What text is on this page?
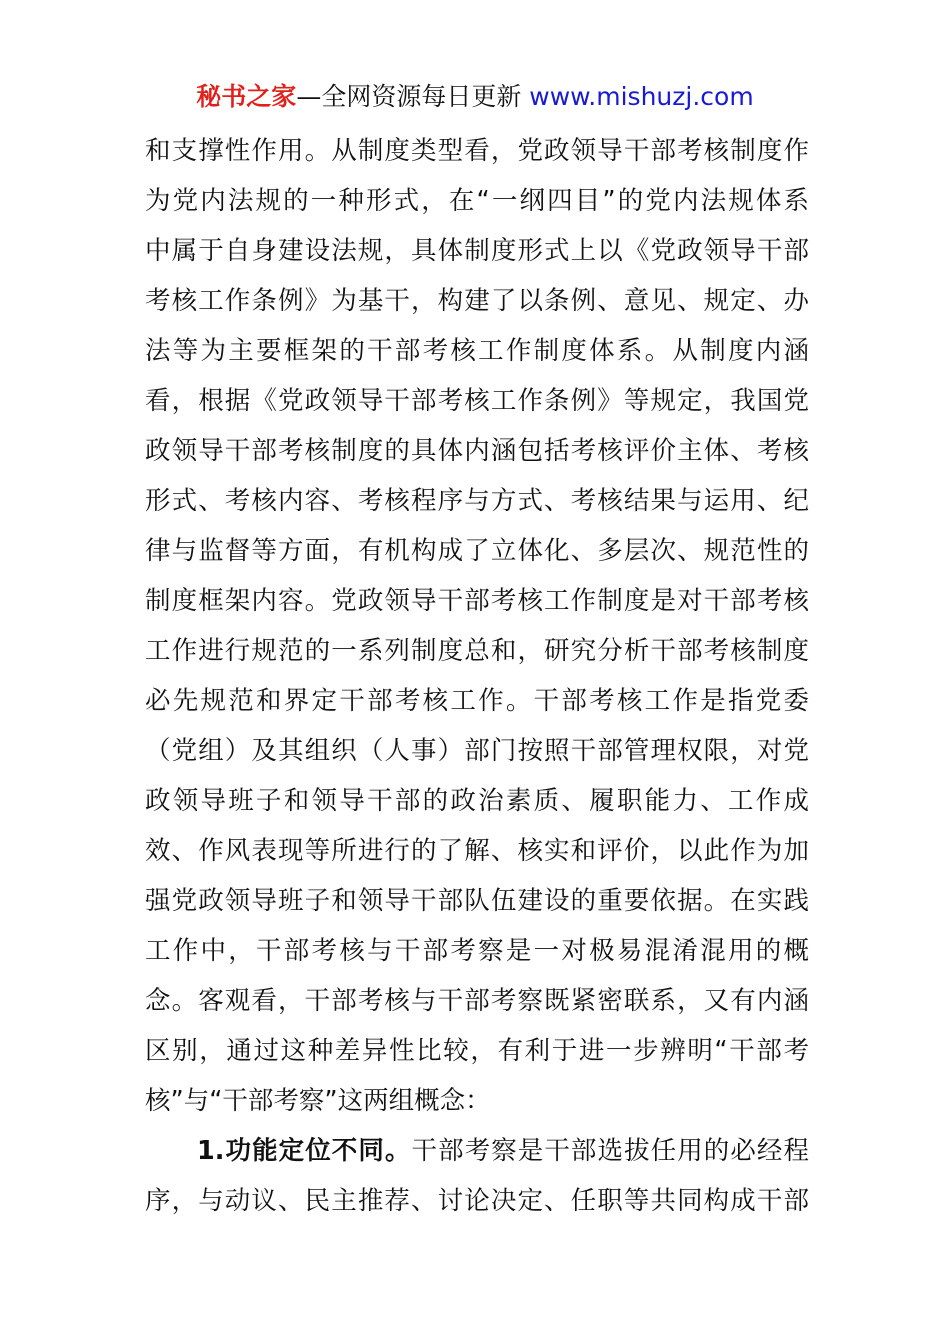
秘书之家—全网资源每日更新 www.mishuzj.com
和支撑性作用。从制度类型看，党政领导干部考核制度作
为党内法规的一种形式，在“一纲四目”的党内法规体系
中属于自身建设法规，具体制度形式上以《党政领导干部
考核工作条例》为基干，构建了以条例、意见、规定、办
法等为主要框架的干部考核工作制度体系。从制度内涵
看，根据《党政领导干部考核工作条例》等规定，我国党
政领导干部考核制度的具体内涵包括考核评价主体、考核
形式、考核内容、考核程序与方式、考核结果与运用、纪
律与监督等方面，有机构成了立体化、多层次、规范性的
制度框架内容。党政领导干部考核工作制度是对干部考核
工作进行规范的一系列制度总和，研究分析干部考核制度
必先规范和界定干部考核工作。干部考核工作是指党委
（党组）及其组织（人事）部门按照干部管理权限，对党
政领导班子和领导干部的政治素质、履职能力、工作成
效、作风表现等所进行的了解、核实和评价，以此作为加
强党政领导班子和领导干部队伍建设的重要依据。在实践
工作中，干部考核与干部考察是一对极易混淆混用的概
念。客观看，干部考核与干部考察既紧密联系，又有内涵
区别，通过这种差异性比较，有利于进一步辨明“干部考
核”与“干部考察”这两组概念：
1.功能定位不同。干部考察是干部选拔任用的必经程
序，与动议、民主推荐、讨论决定、任职等共同构成干部
